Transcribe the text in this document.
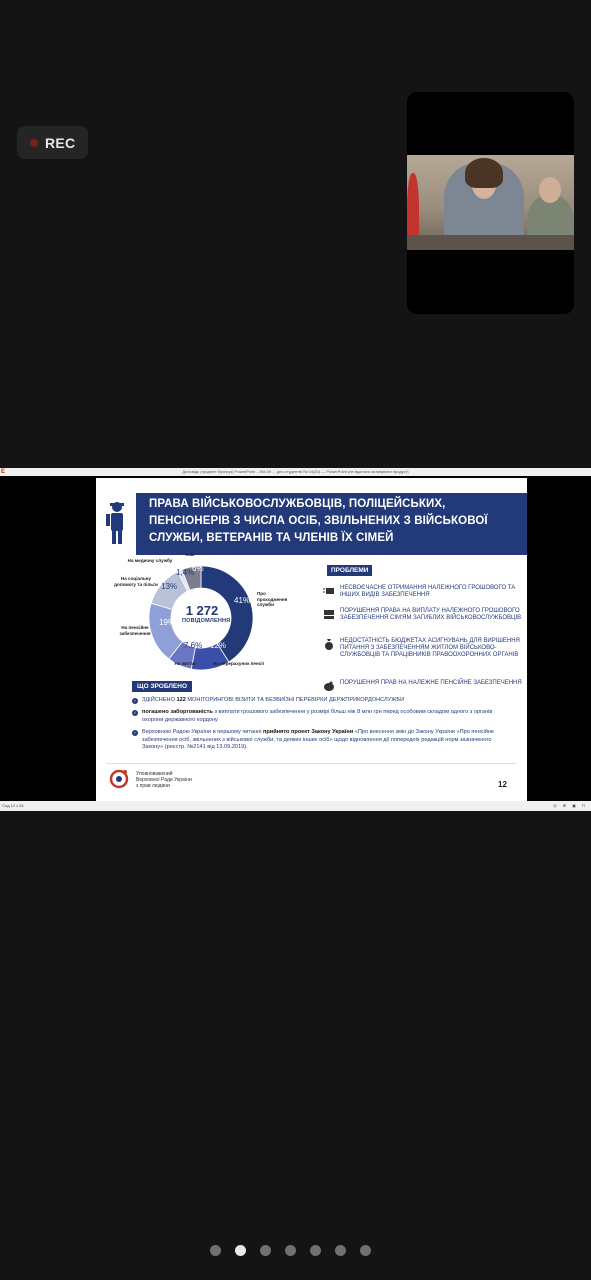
REC
E	Доповідь (градієнт Кучерук) PowerPoint - 298.09 ... для студентів № 04(20) — PowerPoint (не вдалося активувати продукт)
ПРАВА ВІЙСЬКОВОСЛУЖБОВЦІВ, ПОЛІЦЕЙСЬКИХ, ПЕНСІОНЕРІВ З ЧИСЛА ОСІБ, ЗВІЛЬНЕНИХ З ВІЙСЬКОВОЇ СЛУЖБИ, ВЕТЕРАНІВ ТА ЧЛЕНІВ ЇХ СІМЕЙ
1 272
ПОВІДОМЛЕННЯ
41%
12%
7,6%
19%
13%
1,4%
6%
Про проходження служби
На перерахунок пенсії
На житло
На пенсійне забезпечення
На соціальну допомогу та пільги
На медичну службу
Інші
ПРОБЛЕМИ
НЕСВОЄЧАСНЕ ОТРИМАННЯ НАЛЕЖНОГО ГРОШОВОГО ТА ІНШИХ ВИДІВ ЗАБЕЗПЕЧЕННЯ
ПОРУШЕННЯ ПРАВА НА ВИПЛАТУ НАЛЕЖНОГО ГРОШОВОГО ЗАБЕЗПЕЧЕННЯ СІМ'ЯМ ЗАГИБЛИХ ВІЙСЬКОВОСЛУЖБОВЦІВ
НЕДОСТАТНІСТЬ БЮДЖЕТАХ АСИГНУВАНЬ ДЛЯ ВИРІШЕННЯ ПИТАННЯ З ЗАБЕЗПЕЧЕННЯМ ЖИТЛОМ ВІЙСЬКОВО- СЛУЖБОВЦІВ ТА ПРАЦІВНИКІВ ПРАВООХОРОННИХ ОРГАНІВ
ПОРУШЕННЯ ПРАВ НА НАЛЕЖНЕ ПЕНСІЙНЕ ЗАБЕЗПЕЧЕННЯ
ЩО ЗРОБЛЕНО
✓ ЗДІЙСНЕНО 122 МОНІТОРИНГОВІ ВІЗИТИ ТА БЕЗВИЇЗНІ ПЕРЕВІРКИ ДЕРЖПРИКОРДОНСЛУЖБИ
✓ погашено заборгованість з виплати грошового забезпечення у розмірі більш ніж 8 млн грн перед особовим складом одного з органів охорони державного кордону
✓ Верховною Радою України в першому читанні прийнято проект Закону України «Про внесення змін до Закону України «Про пенсійне забезпечення осіб, звільнених з військової служби, та деяких інших осіб» щодо відновлення дії попередніх редакцій норм зазначеного Закону» (реєстр. №2141 від 13.09.2019).
Уповноважений
Верховної Ради України
з прав людини	12
Слд 12 з 34	◎ ⊞ ▣ ⊓
